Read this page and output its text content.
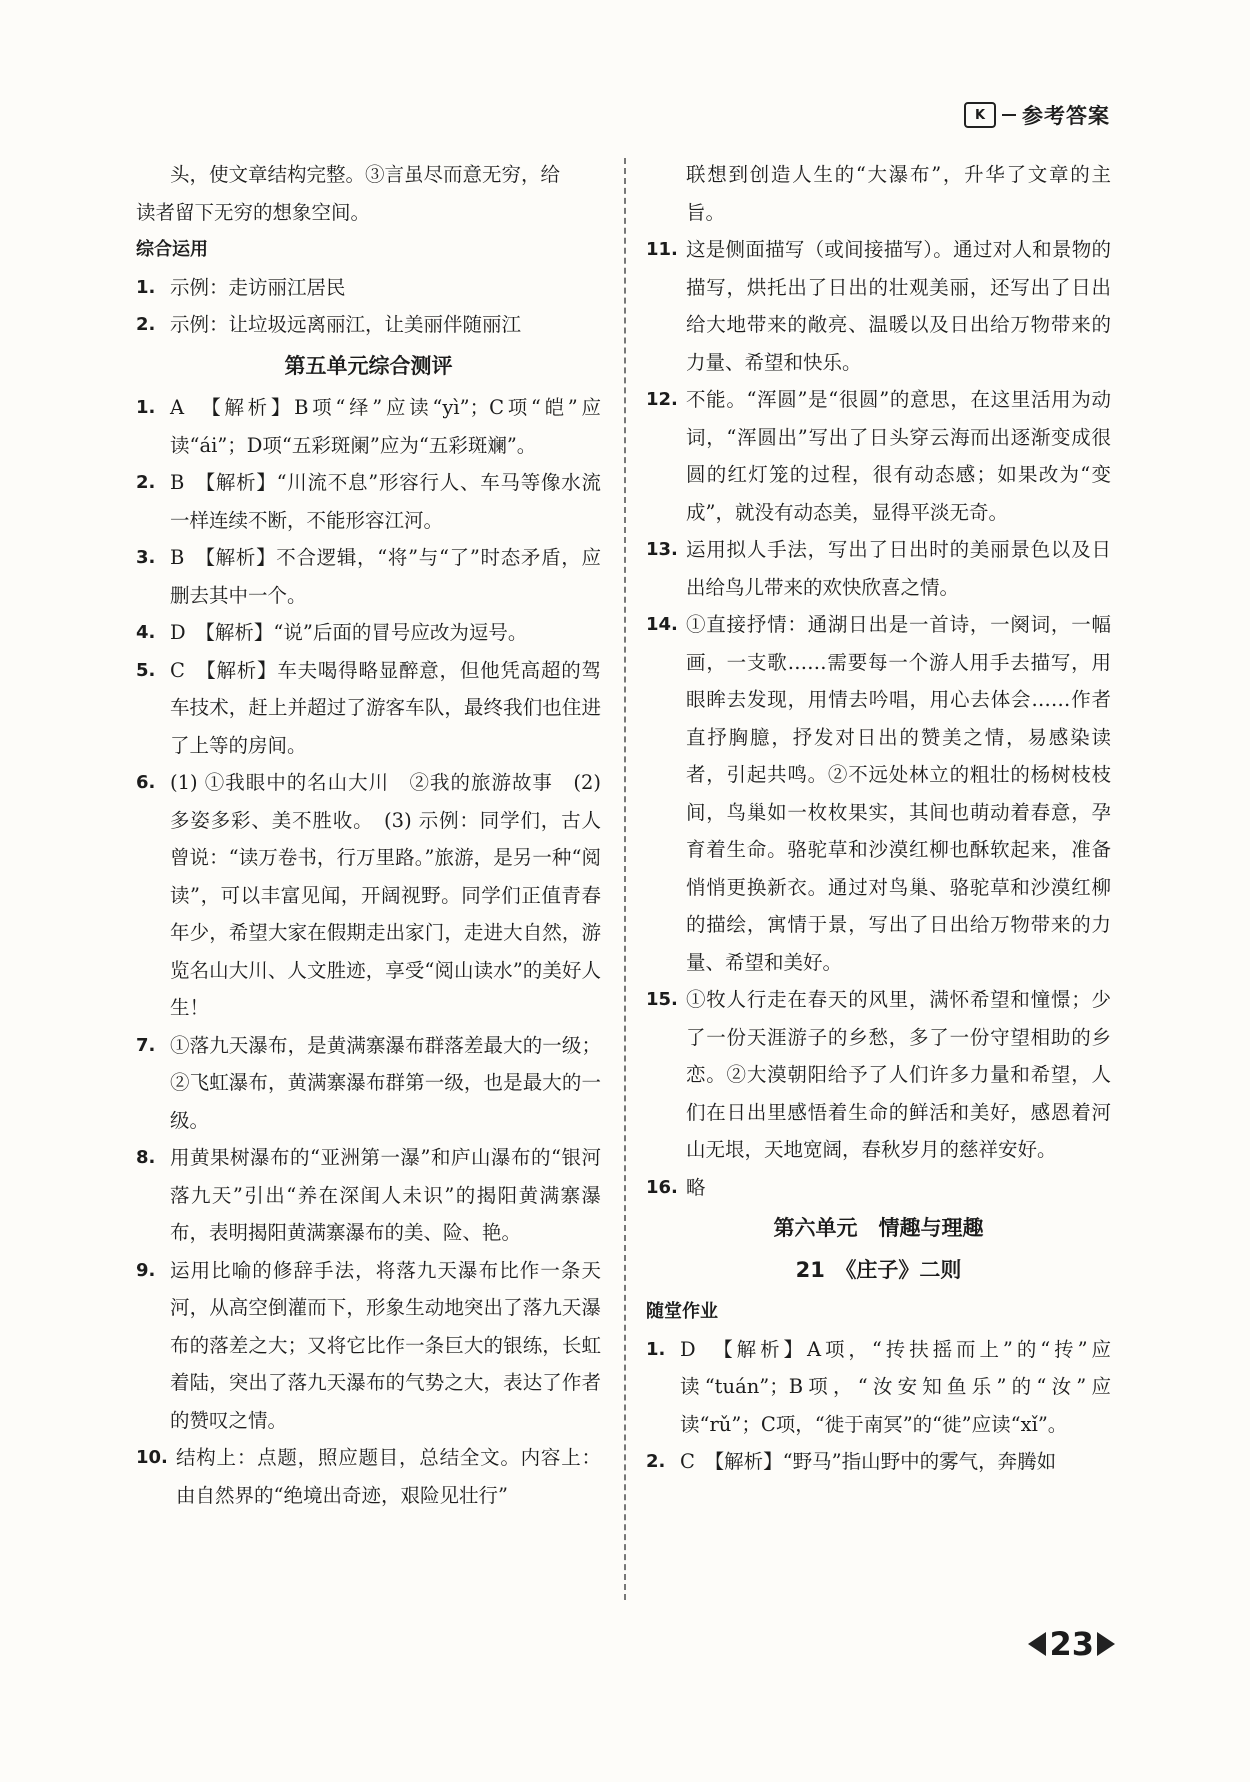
K	参考答案
头，使文章结构完整。③言虽尽而意无穷，给
读者留下无穷的想象空间。
综合运用
1. 示例：走访丽江居民
2. 示例：让垃圾远离丽江，让美丽伴随丽江
第五单元综合测评
1. A　【解析】B项“绎”应读“yì”；C项“皑”应读“ái”；D项“五彩斑阑”应为“五彩斑斓”。
2. B　【解析】“川流不息”形容行人、车马等像水流一样连续不断，不能形容江河。
3. B　【解析】不合逻辑，“将”与“了”时态矛盾，应删去其中一个。
4. D　【解析】“说”后面的冒号应改为逗号。
5. C　【解析】车夫喝得略显醉意，但他凭高超的驾车技术，赶上并超过了游客车队，最终我们也住进了上等的房间。
6. (1) ①我眼中的名山大川　②我的旅游故事　(2) 多姿多彩、美不胜收。　(3) 示例：同学们，古人曾说：“读万卷书，行万里路。”旅游，是另一种“阅读”，可以丰富见闻，开阔视野。同学们正值青春年少，希望大家在假期走出家门，走进大自然，游览名山大川、人文胜迹，享受“阅山读水”的美好人生！
7. ①落九天瀑布，是黄满寨瀑布群落差最大的一级；②飞虹瀑布，黄满寨瀑布群第一级，也是最大的一级。
8. 用黄果树瀑布的“亚洲第一瀑”和庐山瀑布的“银河落九天”引出“养在深闺人未识”的揭阳黄满寨瀑布，表明揭阳黄满寨瀑布的美、险、艳。
9. 运用比喻的修辞手法，将落九天瀑布比作一条天河，从高空倒灌而下，形象生动地突出了落九天瀑布的落差之大；又将它比作一条巨大的银练，长虹着陆，突出了落九天瀑布的气势之大，表达了作者的赞叹之情。
10. 结构上：点题，照应题目，总结全文。内容上：由自然界的“绝境出奇迹，艰险见壮行”
联想到创造人生的“大瀑布”，升华了文章的主旨。
11. 这是侧面描写（或间接描写）。通过对人和景物的描写，烘托出了日出的壮观美丽，还写出了日出给大地带来的敞亮、温暖以及日出给万物带来的力量、希望和快乐。
12. 不能。“浑圆”是“很圆”的意思，在这里活用为动词，“浑圆出”写出了日头穿云海而出逐渐变成很圆的红灯笼的过程，很有动态感；如果改为“变成”，就没有动态美，显得平淡无奇。
13. 运用拟人手法，写出了日出时的美丽景色以及日出给鸟儿带来的欢快欣喜之情。
14. ①直接抒情：通湖日出是一首诗，一阕词，一幅画，一支歌……需要每一个游人用手去描写，用眼眸去发现，用情去吟唱，用心去体会……作者直抒胸臆，抒发对日出的赞美之情，易感染读者，引起共鸣。②不远处林立的粗壮的杨树枝枝间，鸟巢如一枚枚果实，其间也萌动着春意，孕育着生命。骆驼草和沙漠红柳也酥软起来，准备悄悄更换新衣。通过对鸟巢、骆驼草和沙漠红柳的描绘，寓情于景，写出了日出给万物带来的力量、希望和美好。
15. ①牧人行走在春天的风里，满怀希望和憧憬；少了一份天涯游子的乡愁，多了一份守望相助的乡恋。②大漠朝阳给予了人们许多力量和希望，人们在日出里感悟着生命的鲜活和美好，感恩着河山无垠，天地宽阔，春秋岁月的慈祥安好。
16. 略
第六单元　情趣与理趣
21　《庄子》二则
随堂作业
1. D　【解析】A项，“抟扶摇而上”的“抟”应读“tuán”；B项，“汝安知鱼乐”的“汝”应读“rǔ”；C项，“徙于南冥”的“徙”应读“xǐ”。
2. C　【解析】“野马”指山野中的雾气，奔腾如
23
